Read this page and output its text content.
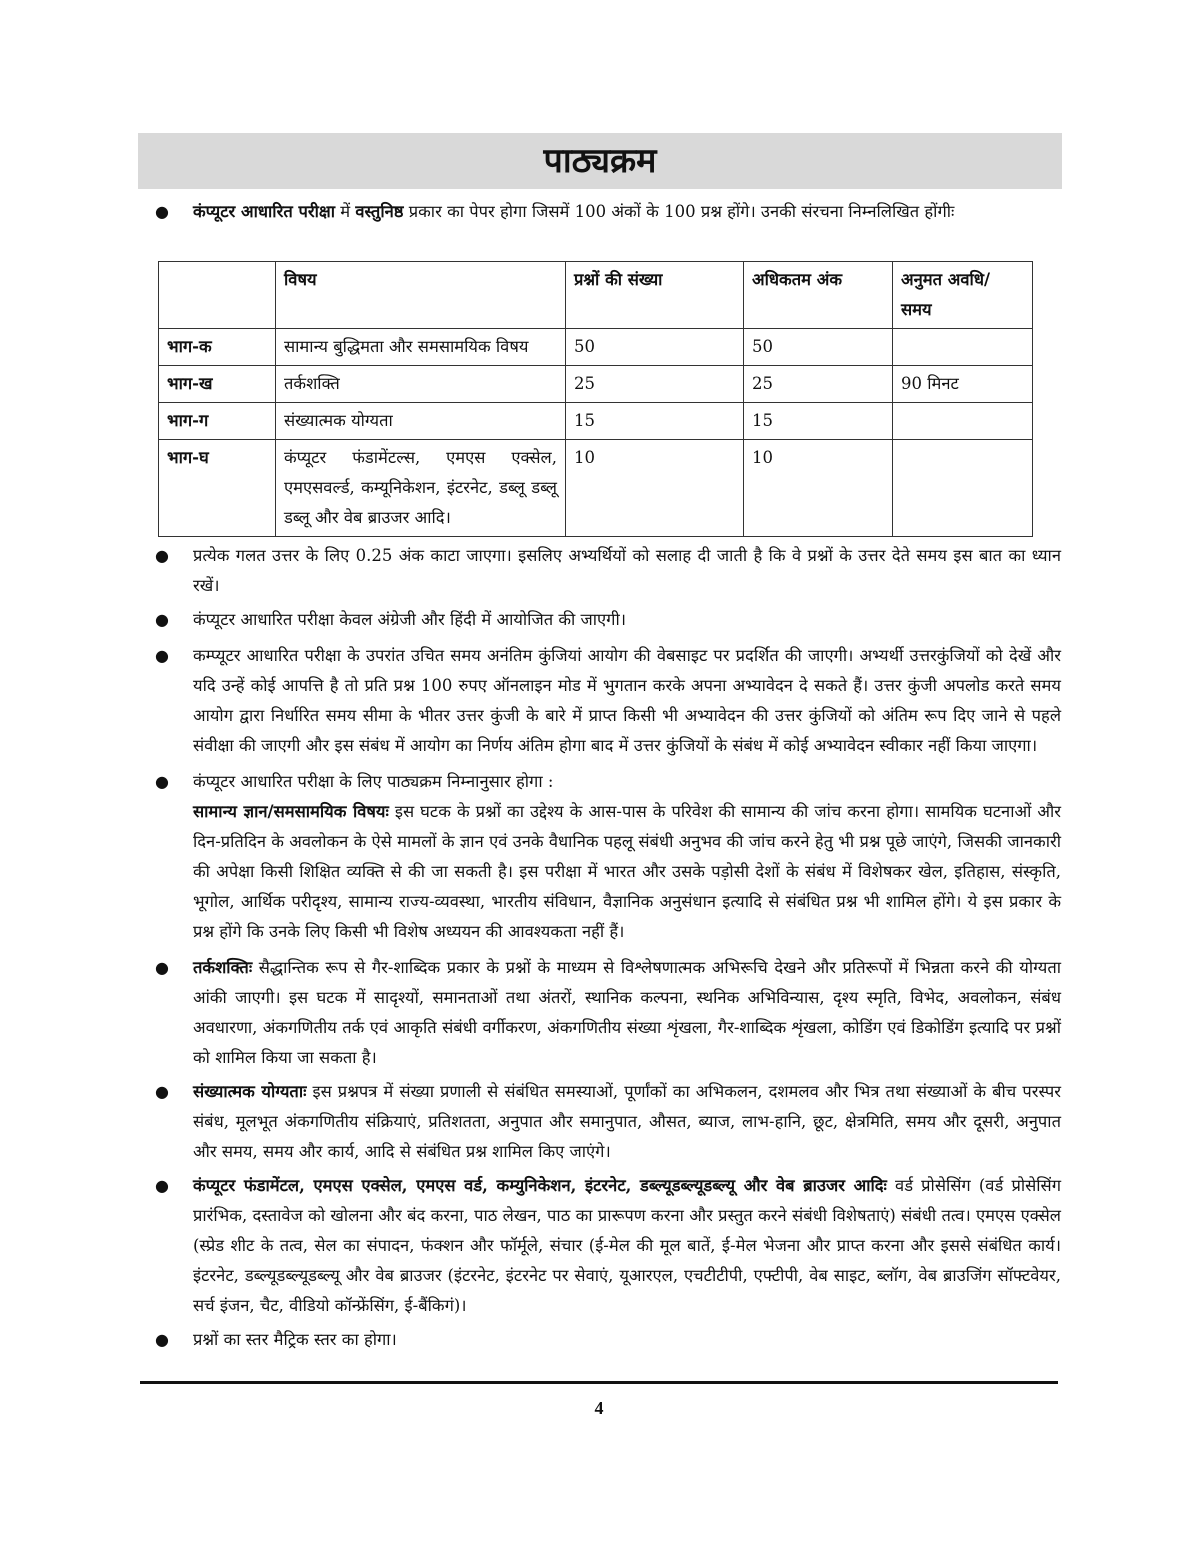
पाठ्यक्रम
● कंप्यूटर आधारित परीक्षा में वस्तुनिष्ठ प्रकार का पेपर होगा जिसमें 100 अंकों के 100 प्रश्न होंगे। उनकी संरचना निम्नलिखित होंगीः
	विषय	प्रश्नों की संख्या	अधिकतम अंक	अनुमत अवधि/ समय
भाग-क	सामान्य बुद्धिमता और समसामयिक विषय	50	50	
भाग-ख	तर्कशक्ति	25	25	90 मिनट
भाग-ग	संख्यात्मक योग्यता	15	15	
भाग-घ	कंप्यूटर फंडामेंटल्स, एमएस एक्सेल, एमएसवर्ल्ड, कम्यूनिकेशन, इंटरनेट, डब्लू डब्लू डब्लू और वेब ब्राउजर आदि।	10	10	
● प्रत्येक गलत उत्तर के लिए 0.25 अंक काटा जाएगा। इसलिए अभ्यर्थियों को सलाह दी जाती है कि वे प्रश्नों के उत्तर देते समय इस बात का ध्यान रखें।
● कंप्यूटर आधारित परीक्षा केवल अंग्रेजी और हिंदी में आयोजित की जाएगी।
● कम्प्यूटर आधारित परीक्षा के उपरांत उचित समय अनंतिम कुंजियां आयोग की वेबसाइट पर प्रदर्शित की जाएगी। अभ्यर्थी उत्तरकुंजियों को देखें और यदि उन्हें कोई आपत्ति है तो प्रति प्रश्न 100 रुपए ऑनलाइन मोड में भुगतान करके अपना अभ्यावेदन दे सकते हैं। उत्तर कुंजी अपलोड करते समय आयोग द्वारा निर्धारित समय सीमा के भीतर उत्तर कुंजी के बारे में प्राप्त किसी भी अभ्यावेदन की उत्तर कुंजियों को अंतिम रूप दिए जाने से पहले संवीक्षा की जाएगी और इस संबंध में आयोग का निर्णय अंतिम होगा बाद में उत्तर कुंजियों के संबंध में कोई अभ्यावेदन स्वीकार नहीं किया जाएगा।
● कंप्यूटर आधारित परीक्षा के लिए पाठ्यक्रम निम्नानुसार होगा :
सामान्य ज्ञान/समसामयिक विषयः इस घटक के प्रश्नों का उद्देश्य के आस-पास के परिवेश की सामान्य की जांच करना होगा। सामयिक घटनाओं और दिन-प्रतिदिन के अवलोकन के ऐसे मामलों के ज्ञान एवं उनके वैधानिक पहलू संबंधी अनुभव की जांच करने हेतु भी प्रश्न पूछे जाएंगे, जिसकी जानकारी की अपेक्षा किसी शिक्षित व्यक्ति से की जा सकती है। इस परीक्षा में भारत और उसके पड़ोसी देशों के संबंध में विशेषकर खेल, इतिहास, संस्कृति, भूगोल, आर्थिक परीदृश्य, सामान्य राज्य-व्यवस्था, भारतीय संविधान, वैज्ञानिक अनुसंधान इत्यादि से संबंधित प्रश्न भी शामिल होंगे। ये इस प्रकार के प्रश्न होंगे कि उनके लिए किसी भी विशेष अध्ययन की आवश्यकता नहीं हैं।
● तर्कशक्तिः सैद्धान्तिक रूप से गैर-शाब्दिक प्रकार के प्रश्नों के माध्यम से विश्लेषणात्मक अभिरूचि देखने और प्रतिरूपों में भिन्नता करने की योग्यता आंकी जाएगी। इस घटक में सादृश्यों, समानताओं तथा अंतरों, स्थानिक कल्पना, स्थनिक अभिविन्यास, दृश्य स्मृति, विभेद, अवलोकन, संबंध अवधारणा, अंकगणितीय तर्क एवं आकृति संबंधी वर्गीकरण, अंकगणितीय संख्या शृंखला, गैर-शाब्दिक शृंखला, कोडिंग एवं डिकोडिंग इत्यादि पर प्रश्नों को शामिल किया जा सकता है।
● संख्यात्मक योग्यताः इस प्रश्नपत्र में संख्या प्रणाली से संबंधित समस्याओं, पूर्णांकों का अभिकलन, दशमलव और भित्र तथा संख्याओं के बीच परस्पर संबंध, मूलभूत अंकगणितीय संक्रियाएं, प्रतिशतता, अनुपात और समानुपात, औसत, ब्याज, लाभ-हानि, छूट, क्षेत्रमिति, समय और दूसरी, अनुपात और समय, समय और कार्य, आदि से संबंधित प्रश्न शामिल किए जाएंगे।
● कंप्यूटर फंडामेंटल, एमएस एक्सेल, एमएस वर्ड, कम्युनिकेशन, इंटरनेट, डब्ल्यूडब्ल्यूडब्ल्यू और वेब ब्राउजर आदिः वर्ड प्रोसेसिंग (वर्ड प्रोसेसिंग प्रारंभिक, दस्तावेज को खोलना और बंद करना, पाठ लेखन, पाठ का प्रारूपण करना और प्रस्तुत करने संबंधी विशेषताएं) संबंधी तत्व। एमएस एक्सेल (स्प्रेड शीट के तत्व, सेल का संपादन, फंक्शन और फॉर्मूले, संचार (ई-मेल की मूल बातें, ई-मेल भेजना और प्राप्त करना और इससे संबंधित कार्य। इंटरनेट, डब्ल्यूडब्ल्यूडब्ल्यू और वेब ब्राउजर (इंटरनेट, इंटरनेट पर सेवाएं, यूआरएल, एचटीटीपी, एफ्टीपी, वेब साइट, ब्लॉग, वेब ब्राउजिंग सॉफ्टवेयर, सर्च इंजन, चैट, वीडियो कॉन्फ्रेंसिंग, ई-बैंकिगं)।
● प्रश्नों का स्तर मैट्रिक स्तर का होगा।
4
